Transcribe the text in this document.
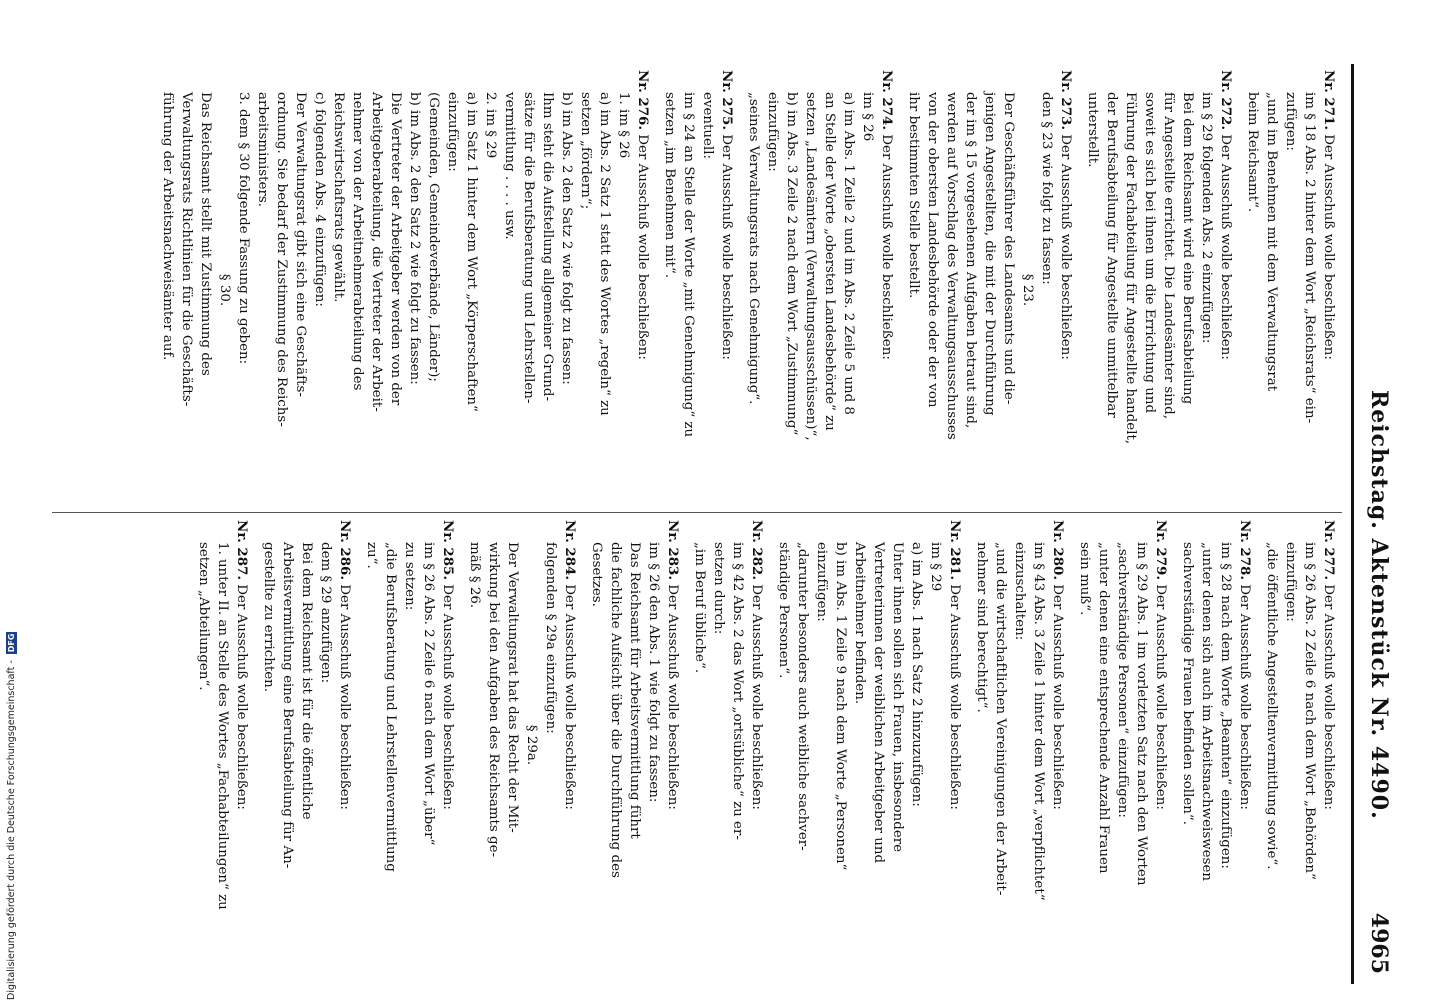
Reichstag. Aktenstück Nr. 4490.
4965
Nr. 271. Der Ausschuß wolle beschließen:
im § 18 Abs. 2 hinter dem Wort „Reichsrats“ ein-
zufügen:
„und im Benehmen mit dem Verwaltungsrat
beim Reichsamt“.
Nr. 272. Der Ausschuß wolle beschließen:
im § 29 folgenden Abs. 2 einzufügen:
Bei dem Reichsamt wird eine Berufsabteilung
für Angestellte errichtet. Die Landesämter sind,
soweit es sich bei ihnen um die Errichtung und
Führung der Fachabteilung für Angestellte handelt,
der Berufsabteilung für Angestellte unmittelbar
unterstellt.
Nr. 273. Der Ausschuß wolle beschließen:
den § 23 wie folgt zu fassen:
§ 23.
Der Geschäftsführer des Landesamts und die-
jenigen Angestellten, die mit der Durchführung
der im § 15 vorgesehenen Aufgaben betraut sind,
werden auf Vorschlag des Verwaltungsausschusses
von der obersten Landesbehörde oder der von
ihr bestimmten Stelle bestellt.
Nr. 274. Der Ausschuß wolle beschließen:
im § 26
a) im Abs. 1 Zeile 2 und im Abs. 2 Zeile 5 und 8
an Stelle der Worte „obersten Landesbehörde“ zu
setzen „Landesämtern (Verwaltungsausschüssen)“,
b) im Abs. 3 Zeile 2 nach dem Wort „Zustimmung“
einzufügen:
„seines Verwaltungsrats nach Genehmigung“.
Nr. 275. Der Ausschuß wolle beschließen:
eventuell:
im § 24 an Stelle der Worte „mit Genehmigung“ zu
setzen „im Benehmen mit“.
Nr. 276. Der Ausschuß wolle beschließen:
1. im § 26
a) im Abs. 2 Satz 1 statt des Wortes „regeln“ zu
setzen „fördern“;
b) im Abs. 2 den Satz 2 wie folgt zu fassen:
Ihm steht die Aufstellung allgemeiner Grund-
sätze für die Berufsberatung und Lehrstellen-
vermittlung . . . . usw.
2. im § 29
a) im Satz 1 hinter dem Wort „Körperschaften“
einzufügen:
(Gemeinden, Gemeindeverbände, Länder);
b) im Abs. 2 den Satz 2 wie folgt zu fassen:
Die Vertreter der Arbeitgeber werden von der
Arbeitgeberabteilung, die Vertreter der Arbeit-
nehmer von der Arbeitnehmerabteilung des
Reichswirtschaftsrats gewählt.
c) folgenden Abs. 4 einzufügen:
Der Verwaltungsrat gibt sich eine Geschäfts-
ordnung. Sie bedarf der Zustimmung des Reichs-
arbeitsministers.
3. dem § 30 folgende Fassung zu geben:
§ 30.
Das Reichsamt stellt mit Zustimmung des
Verwaltungsrats Richtlinien für die Geschäfts-
führung der Arbeitsnachweisämter auf.
Nr. 277. Der Ausschuß wolle beschließen:
im § 26 Abs. 2 Zeile 6 nach dem Wort „Behörden“
einzufügen:
„die öffentliche Angestelltenvermittlung sowie“.
Nr. 278. Der Ausschuß wolle beschließen:
im § 28 nach dem Worte „Beamten“ einzufügen:
„unter denen sich auch im Arbeitsnachweiswesen
sachverständige Frauen befinden sollen“.
Nr. 279. Der Ausschuß wolle beschließen:
im § 29 Abs. 1 im vorletzten Satz nach den Worten
„sachverständige Personen“ einzufügen:
„unter denen eine entsprechende Anzahl Frauen
sein muß“.
Nr. 280. Der Ausschuß wolle beschließen:
im § 43 Abs. 3 Zeile 1 hinter dem Wort „verpflichtet“
einzuschalten:
„und die wirtschaftlichen Vereinigungen der Arbeit-
nehmer sind berechtigt“.
Nr. 281. Der Ausschuß wolle beschließen:
im § 29
a) im Abs. 1 nach Satz 2 hinzuzufügen:
Unter ihnen sollen sich Frauen, insbesondere
Vertreterinnen der weiblichen Arbeitgeber und
Arbeitnehmer befinden.
b) im Abs. 1 Zeile 9 nach dem Worte „Personen“
einzufügen:
„darunter besonders auch weibliche sachver-
ständige Personen“.
Nr. 282. Der Ausschuß wolle beschließen:
im § 42 Abs. 2 das Wort „ortsübliche“ zu er-
setzen durch:
„im Beruf übliche“.
Nr. 283. Der Ausschuß wolle beschließen:
im § 26 den Abs. 1 wie folgt zu fassen:
Das Reichsamt für Arbeitsvermittlung führt
die fachliche Aufsicht über die Durchführung des
Gesetzes.
Nr. 284. Der Ausschuß wolle beschließen:
folgenden § 29a einzufügen:
§ 29a.
Der Verwaltungsrat hat das Recht der Mit-
wirkung bei den Aufgaben des Reichsamts ge-
mäß § 26.
Nr. 285. Der Ausschuß wolle beschließen:
im § 26 Abs. 2 Zeile 6 nach dem Wort „über“
zu setzen:
„die Berufsberatung und Lehrstellenvermittlung
zu“.
Nr. 286. Der Ausschuß wolle beschließen:
dem § 29 anzufügen:
Bei dem Reichsamt ist für die öffentliche
Arbeitsvermittlung eine Berufsabteilung für An-
gestellte zu errichten.
Nr. 287. Der Ausschuß wolle beschließen:
1. unter II. an Stelle des Wortes „Fachabteilungen“ zu
setzen „Abteilungen“.
Digitalisierung gefördert durch die Deutsche Forschungsgemeinschaft - DFG
